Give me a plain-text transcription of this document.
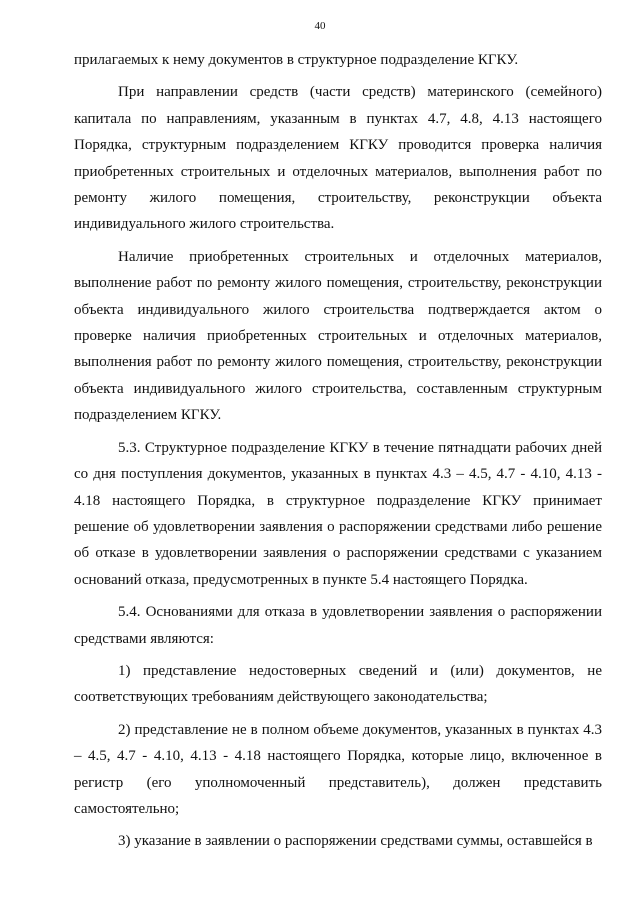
40

прилагаемых к нему документов в структурное подразделение КГКУ.

При направлении средств (части средств) материнского (семейного) капитала по направлениям, указанным в пунктах 4.7, 4.8, 4.13 настоящего Порядка, структурным подразделением КГКУ проводится проверка наличия приобретенных строительных и отделочных материалов, выполнения работ по ремонту жилого помещения, строительству, реконструкции объекта индивидуального жилого строительства.

Наличие приобретенных строительных и отделочных материалов, выполнение работ по ремонту жилого помещения, строительству, реконструкции объекта индивидуального жилого строительства подтверждается актом о проверке наличия приобретенных строительных и отделочных материалов, выполнения работ по ремонту жилого помещения, строительству, реконструкции объекта индивидуального жилого строительства, составленным структурным подразделением КГКУ.

5.3. Структурное подразделение КГКУ в течение пятнадцати рабочих дней со дня поступления документов, указанных в пунктах 4.3 – 4.5, 4.7 - 4.10, 4.13 - 4.18 настоящего Порядка, в структурное подразделение КГКУ принимает решение об удовлетворении заявления о распоряжении средствами либо решение об отказе в удовлетворении заявления о распоряжении средствами с указанием оснований отказа, предусмотренных в пункте 5.4 настоящего Порядка.

5.4. Основаниями для отказа в удовлетворении заявления о распоряжении средствами являются:

1) представление недостоверных сведений и (или) документов, не соответствующих требованиям действующего законодательства;

2) представление не в полном объеме документов, указанных в пунктах 4.3 – 4.5, 4.7 - 4.10, 4.13 - 4.18 настоящего Порядка, которые лицо, включенное в регистр (его уполномоченный представитель), должен представить самостоятельно;

3) указание в заявлении о распоряжении средствами суммы, оставшейся в
